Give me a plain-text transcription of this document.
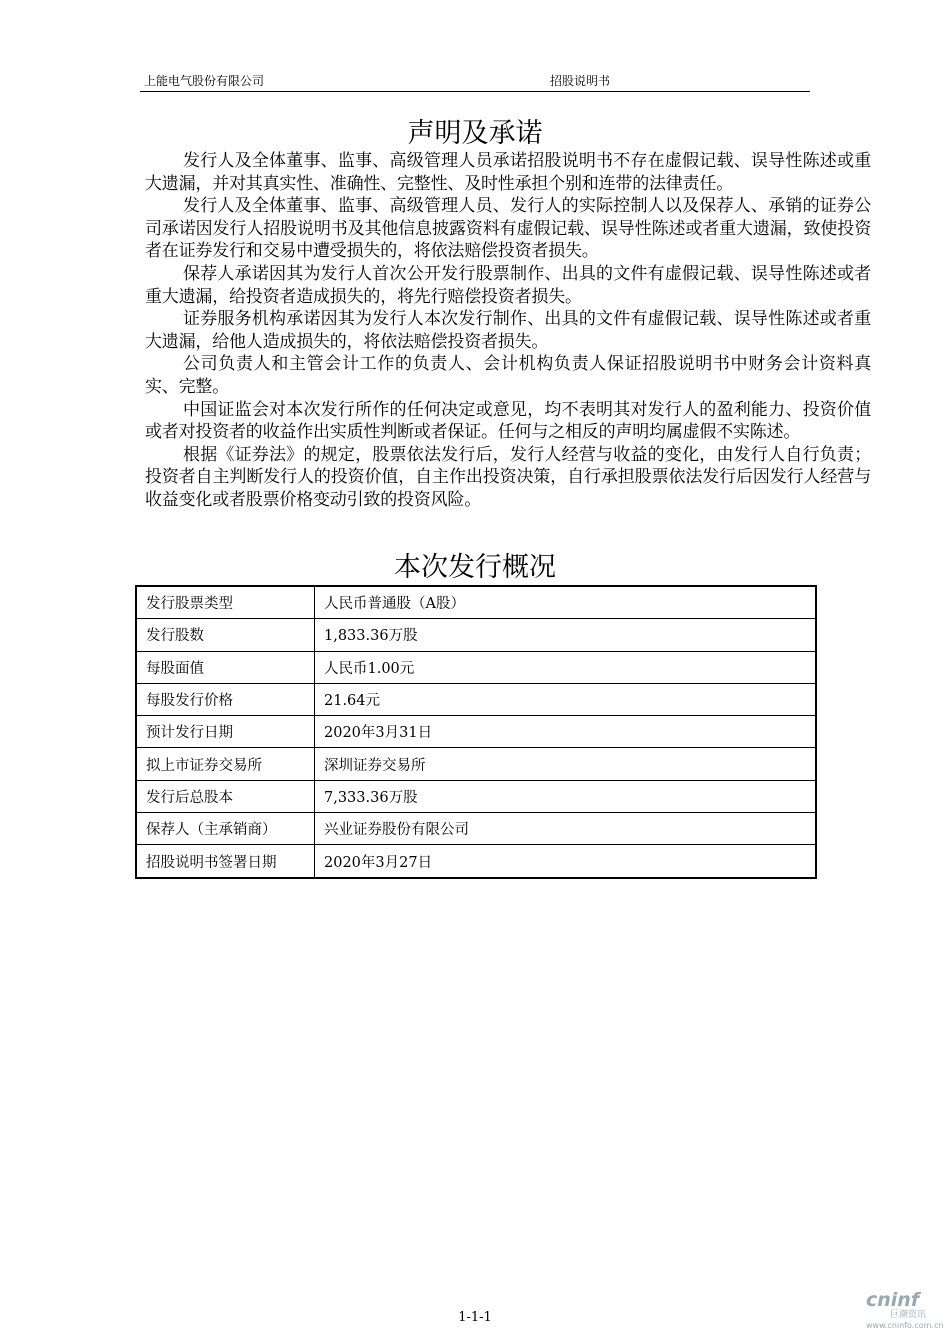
上能电气股份有限公司	招股说明书
声明及承诺

发行人及全体董事、监事、高级管理人员承诺招股说明书不存在虚假记载、误导性陈述或重大遗漏，并对其真实性、准确性、完整性、及时性承担个别和连带的法律责任。

发行人及全体董事、监事、高级管理人员、发行人的实际控制人以及保荐人、承销的证券公司承诺因发行人招股说明书及其他信息披露资料有虚假记载、误导性陈述或者重大遗漏，致使投资者在证券发行和交易中遭受损失的，将依法赔偿投资者损失。

保荐人承诺因其为发行人首次公开发行股票制作、出具的文件有虚假记载、误导性陈述或者重大遗漏，给投资者造成损失的，将先行赔偿投资者损失。

证券服务机构承诺因其为发行人本次发行制作、出具的文件有虚假记载、误导性陈述或者重大遗漏，给他人造成损失的，将依法赔偿投资者损失。

公司负责人和主管会计工作的负责人、会计机构负责人保证招股说明书中财务会计资料真实、完整。

中国证监会对本次发行所作的任何决定或意见，均不表明其对发行人的盈利能力、投资价值或者对投资者的收益作出实质性判断或者保证。任何与之相反的声明均属虚假不实陈述。

根据《证券法》的规定，股票依法发行后，发行人经营与收益的变化，由发行人自行负责；投资者自主判断发行人的投资价值，自主作出投资决策，自行承担股票依法发行后因发行人经营与收益变化或者股票价格变动引致的投资风险。

本次发行概况
发行股票类型	人民币普通股（A股）
发行股数	1,833.36万股
每股面值	人民币1.00元
每股发行价格	21.64元
预计发行日期	2020年3月31日
拟上市证券交易所	深圳证券交易所
发行后总股本	7,333.36万股
保荐人（主承销商）	兴业证券股份有限公司
招股说明书签署日期	2020年3月27日
1-1-1
cninf
巨潮资讯
www.cninfo.com.cn
